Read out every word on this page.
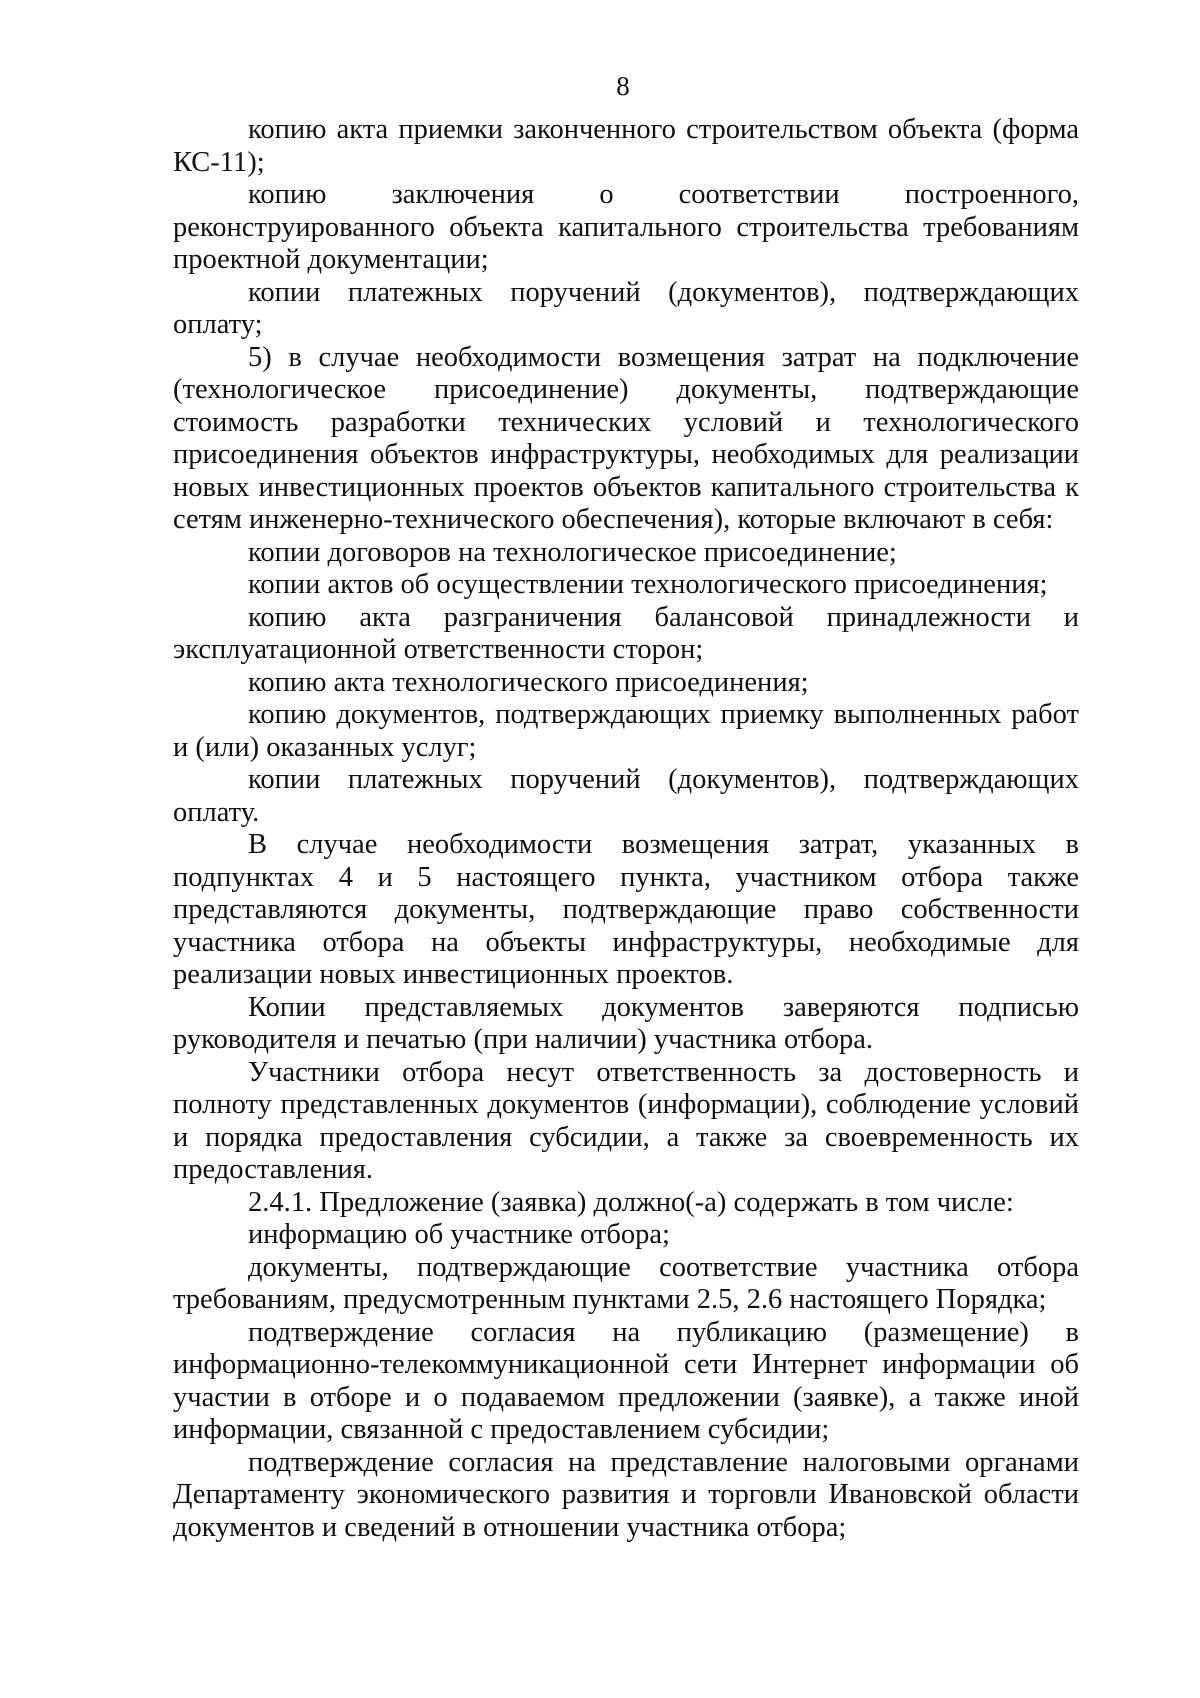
8

копию акта приемки законченного строительством объекта (форма КС-11);

копию заключения о соответствии построенного, реконструированного объекта капитального строительства требованиям проектной документации;

копии платежных поручений (документов), подтверждающих оплату;

5) в случае необходимости возмещения затрат на подключение (технологическое присоединение) документы, подтверждающие стоимость разработки технических условий и технологического присоединения объектов инфраструктуры, необходимых для реализации новых инвестиционных проектов объектов капитального строительства к сетям инженерно-технического обеспечения), которые включают в себя:

копии договоров на технологическое присоединение;

копии актов об осуществлении технологического присоединения;

копию акта разграничения балансовой принадлежности и эксплуатационной ответственности сторон;

копию акта технологического присоединения;

копию документов, подтверждающих приемку выполненных работ и (или) оказанных услуг;

копии платежных поручений (документов), подтверждающих оплату.

В случае необходимости возмещения затрат, указанных в подпунктах 4 и 5 настоящего пункта, участником отбора также представляются документы, подтверждающие право собственности участника отбора на объекты инфраструктуры, необходимые для реализации новых инвестиционных проектов.

Копии представляемых документов заверяются подписью руководителя и печатью (при наличии) участника отбора.

Участники отбора несут ответственность за достоверность и полноту представленных документов (информации), соблюдение условий и порядка предоставления субсидии, а также за своевременность их предоставления.

2.4.1. Предложение (заявка) должно(-а) содержать в том числе:

информацию об участнике отбора;

документы, подтверждающие соответствие участника отбора требованиям, предусмотренным пунктами 2.5, 2.6 настоящего Порядка;

подтверждение согласия на публикацию (размещение) в информационно-телекоммуникационной сети Интернет информации об участии в отборе и о подаваемом предложении (заявке), а также иной информации, связанной с предоставлением субсидии;

подтверждение согласия на представление налоговыми органами Департаменту экономического развития и торговли Ивановской области документов и сведений в отношении участника отбора;
